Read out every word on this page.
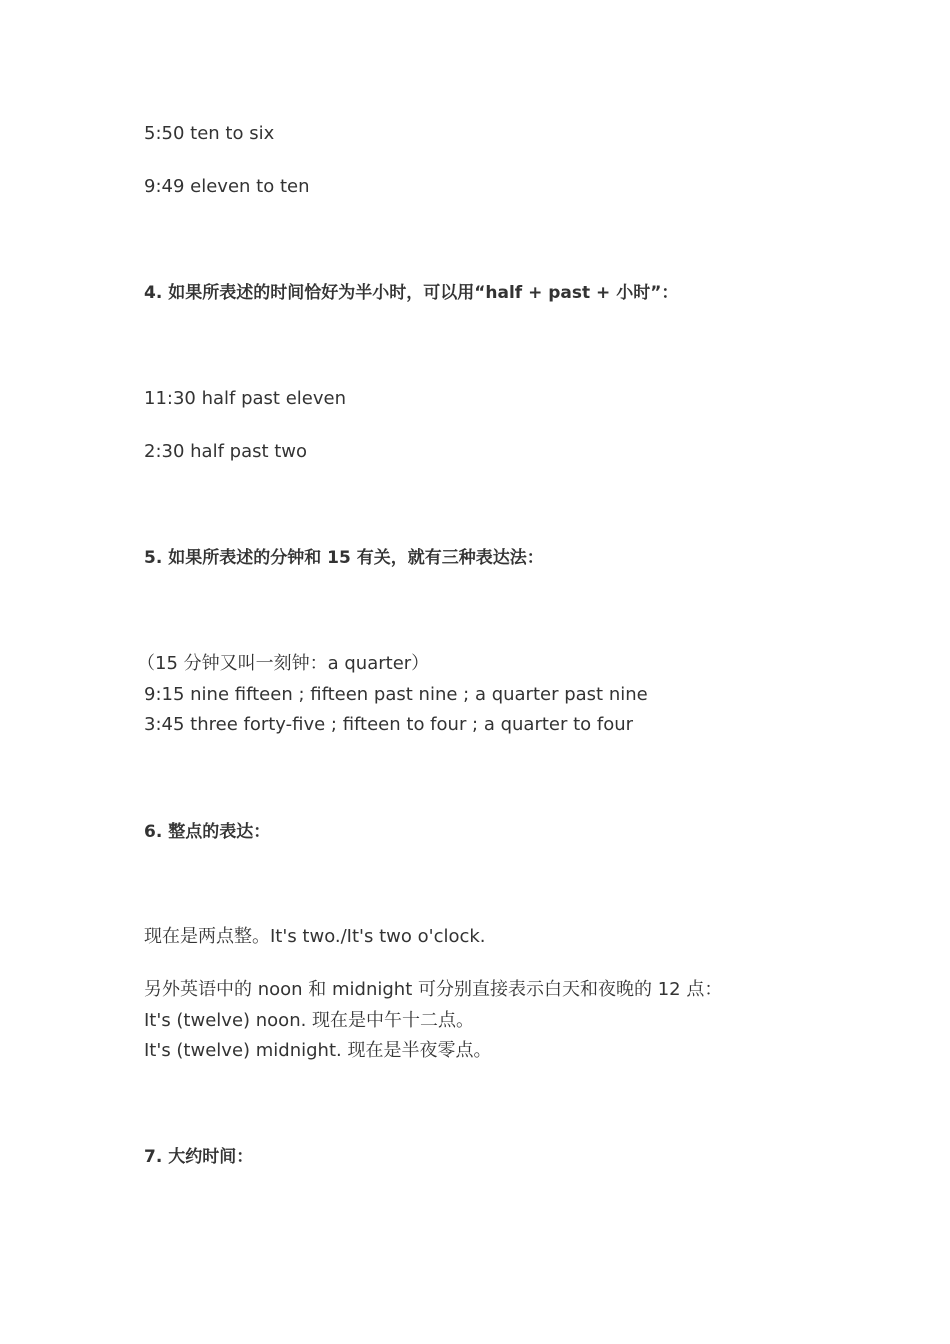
5:50 ten to six

9:49 eleven to ten

4. 如果所表述的时间恰好为半小时，可以用“half + past + 小时”：

11:30 half past eleven

2:30 half past two

5. 如果所表述的分钟和 15 有关，就有三种表达法：

（15 分钟又叫一刻钟：a quarter）

9:15 nine fifteen ; fifteen past nine ; a quarter past nine

3:45 three forty-five ; fifteen to four ; a quarter to four

6. 整点的表达：

现在是两点整。It's two./It's two o'clock.

另外英语中的 noon 和 midnight 可分别直接表示白天和夜晚的 12 点：

It's (twelve) noon. 现在是中午十二点。

It's (twelve) midnight. 现在是半夜零点。

7. 大约时间：
